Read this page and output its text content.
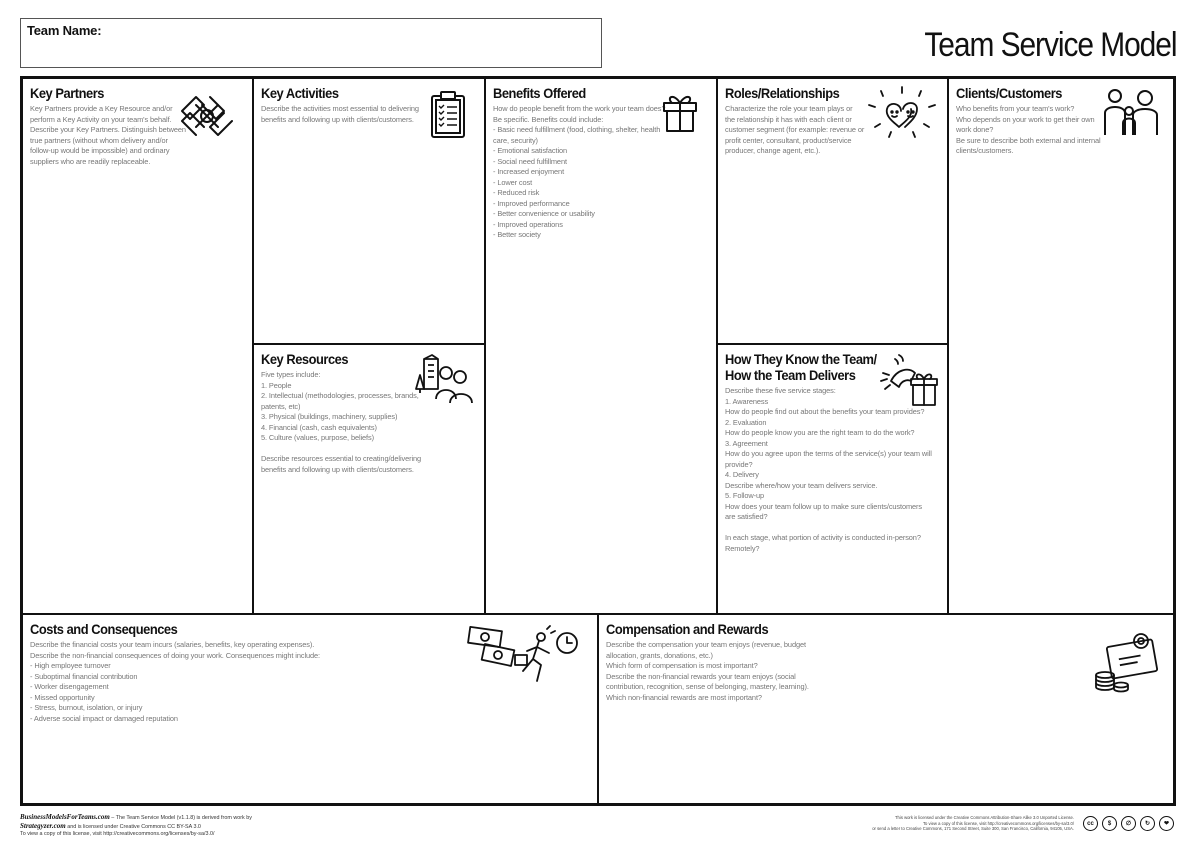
Team Name:	Team Service Model
Key Partners
Key Partners provide a Key Resource and/or
perform a Key Activity on your team's behalf.
Describe your Key Partners. Distinguish between
true partners (without whom delivery and/or
follow-up would be impossible) and ordinary
suppliers who are readily replaceable.
Key Activities
Describe the activities most essential to delivering
benefits and following up with clients/customers.
Key Resources
Five types include:
1. People
2. Intellectual (methodologies, processes, brands,
patents, etc)
3. Physical (buildings, machinery, supplies)
4. Financial (cash, cash equivalents)
5. Culture (values, purpose, beliefs)

Describe resources essential to creating/delivering
benefits and following up with clients/customers.
Benefits Offered
How do people benefit from the work your team does?
Be specific. Benefits could include:
- Basic need fulfillment (food, clothing, shelter, health
care, security)
- Emotional satisfaction
- Social need fulfillment
- Increased enjoyment
- Lower cost
- Reduced risk
- Improved performance
- Better convenience or usability
- Improved operations
- Better society
Roles/Relationships
Characterize the role your team plays or
the relationship it has with each client or
customer segment (for example: revenue or
profit center, consultant, product/service
producer, change agent, etc.).
How They Know the Team/
How the Team Delivers
Describe these five service stages:
1. Awareness
How do people find out about the benefits your team provides?
2. Evaluation
How do people know you are the right team to do the work?
3. Agreement
How do you agree upon the terms of the service(s) your team will provide?
4. Delivery
Describe where/how your team delivers service.
5. Follow-up
How does your team follow up to make sure clients/customers
are satisfied?

In each stage, what portion of activity is conducted in-person? Remotely?
Clients/Customers
Who benefits from your team's work?
Who depends on your work to get their own
work done?
Be sure to describe both external and internal
clients/customers.
Costs and Consequences
Describe the financial costs your team incurs (salaries, benefits, key operating expenses).
Describe the non-financial consequences of doing your work. Consequences might include:
- High employee turnover
- Suboptimal financial contribution
- Worker disengagement
- Missed opportunity
- Stress, burnout, isolation, or injury
- Adverse social impact or damaged reputation
Compensation and Rewards
Describe the compensation your team enjoys (revenue, budget
allocation, grants, donations, etc.)
Which form of compensation is most important?
Describe the non-financial rewards your team enjoys (social
contribution, recognition, sense of belonging, mastery, learning).
Which non-financial rewards are most important?
BusinessModelsForTeams.com – The Team Service Model (v1.1.8) is derived from work by
Strategyzer.com and is licensed under Creative Commons CC BY-SA 3.0
To view a copy of this license, visit http://creativecommons.org/licenses/by-sa/3.0/
This work is licensed under the Creative Commons Attribution-Share Alike 3.0 Unported License.
To view a copy of this license, visit http://creativecommons.org/licenses/by-sa/3.0/
or send a letter to Creative Commons, 171 Second Street, Suite 300, San Francisco, California, 94105, USA.
cc	$	∅	↻	❤
